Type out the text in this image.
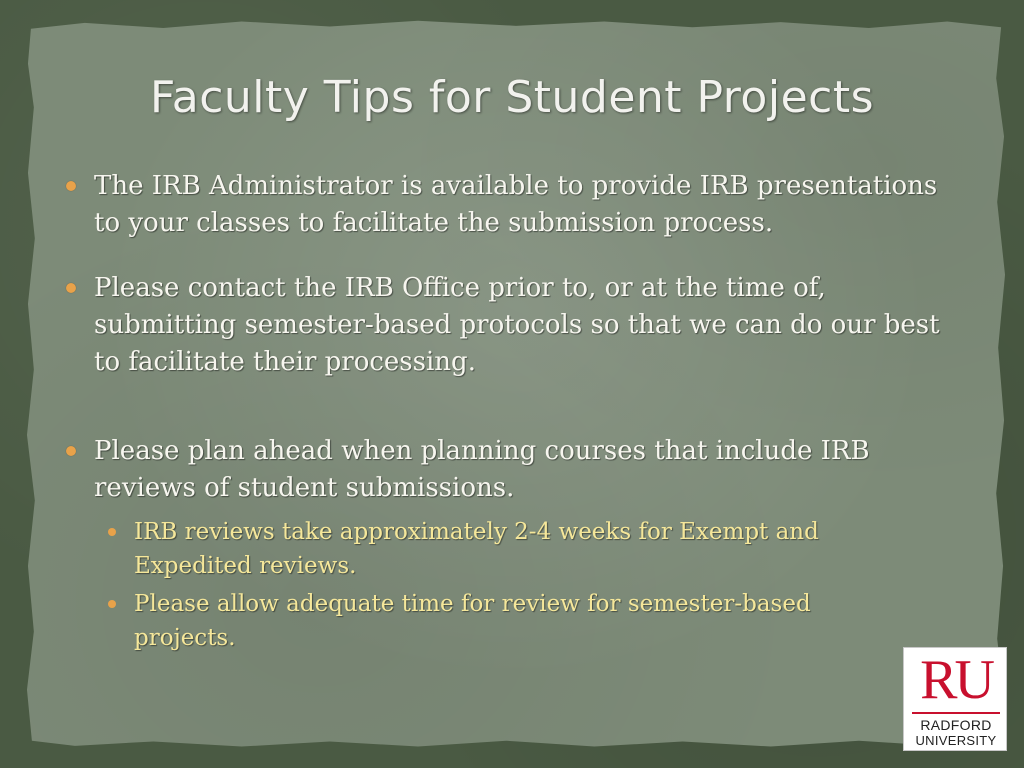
Faculty Tips for Student Projects
The IRB Administrator is available to provide IRB presentations to your classes to facilitate the submission process.
Please contact the IRB Office prior to, or at the time of, submitting semester-based protocols so that we can do our best to facilitate their processing.
Please plan ahead when planning courses that include IRB reviews of student submissions.
IRB reviews take approximately 2-4 weeks for Exempt and Expedited reviews.
Please allow adequate time for review for semester-based projects.
RU
RADFORD
UNIVERSITY
